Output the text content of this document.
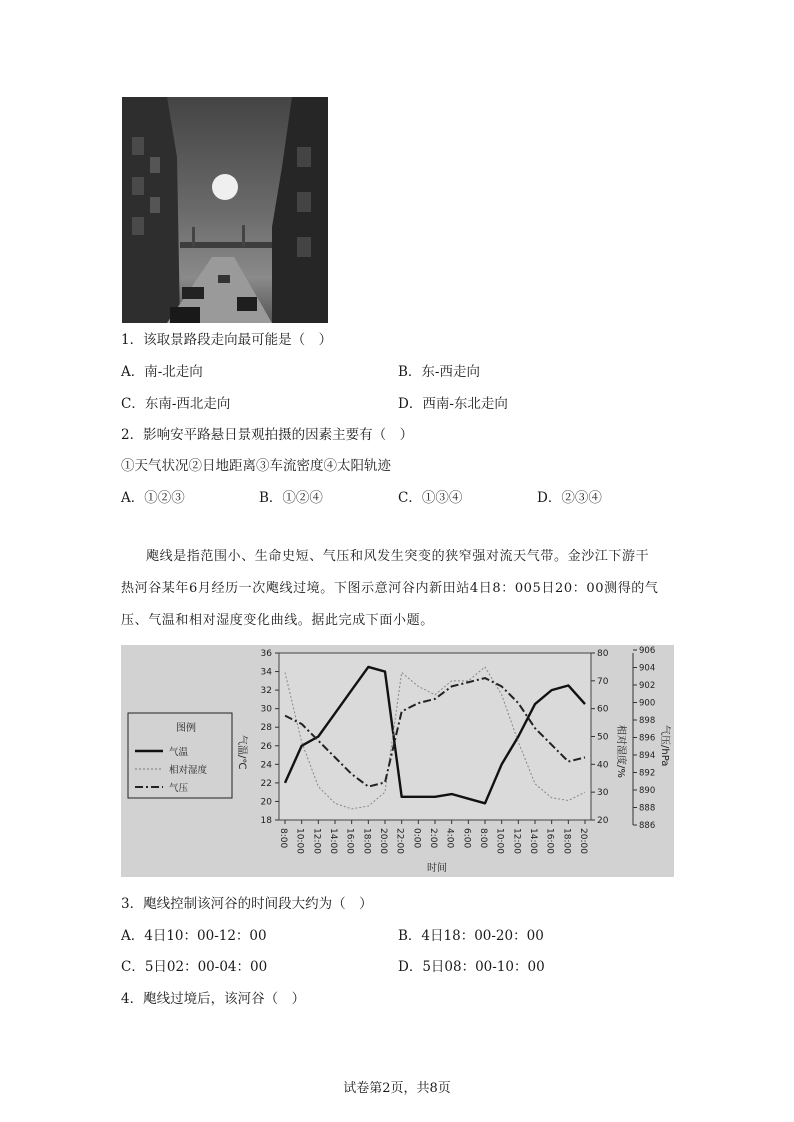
1．该取景路段走向最可能是（　）
A．南-北走向	B．东-西走向
C．东南-西北走向	D．西南-东北走向
2．影响安平路悬日景观拍摄的因素主要有（　）
①天气状况②日地距离③车流密度④太阳轨迹
A．①②③	B．①②④	C．①③④	D．②③④
飑线是指范围小、生命史短、气压和风发生突变的狭窄强对流天气带。金沙江下游干
热河谷某年6月经历一次飑线过境。下图示意河谷内新田站4日8：005日20：00测得的气
压、气温和相对湿度变化曲线。据此完成下面小题。
图例
气温
相对湿度
气压
气温/℃	相对湿度/%	气压/hPa
时间
8:00 10:00 12:00 14:00 16:00 18:00 20:00 22:00 0:00 2:00 4:00 6:00 8:00 10:00 12:00 14:00 16:00 18:00 20:00
18
20
22
24
26
28
30
32
34
36
20
30
40
50
60
70
80
886
888
890
892
894
896
898
900
902
904
906
3．飑线控制该河谷的时间段大约为（　）
A．4日10：00-12：00	B．4日18：00-20：00
C．5日02：00-04：00	D．5日08：00-10：00
4．飑线过境后，该河谷（　）
试卷第2页，共8页
